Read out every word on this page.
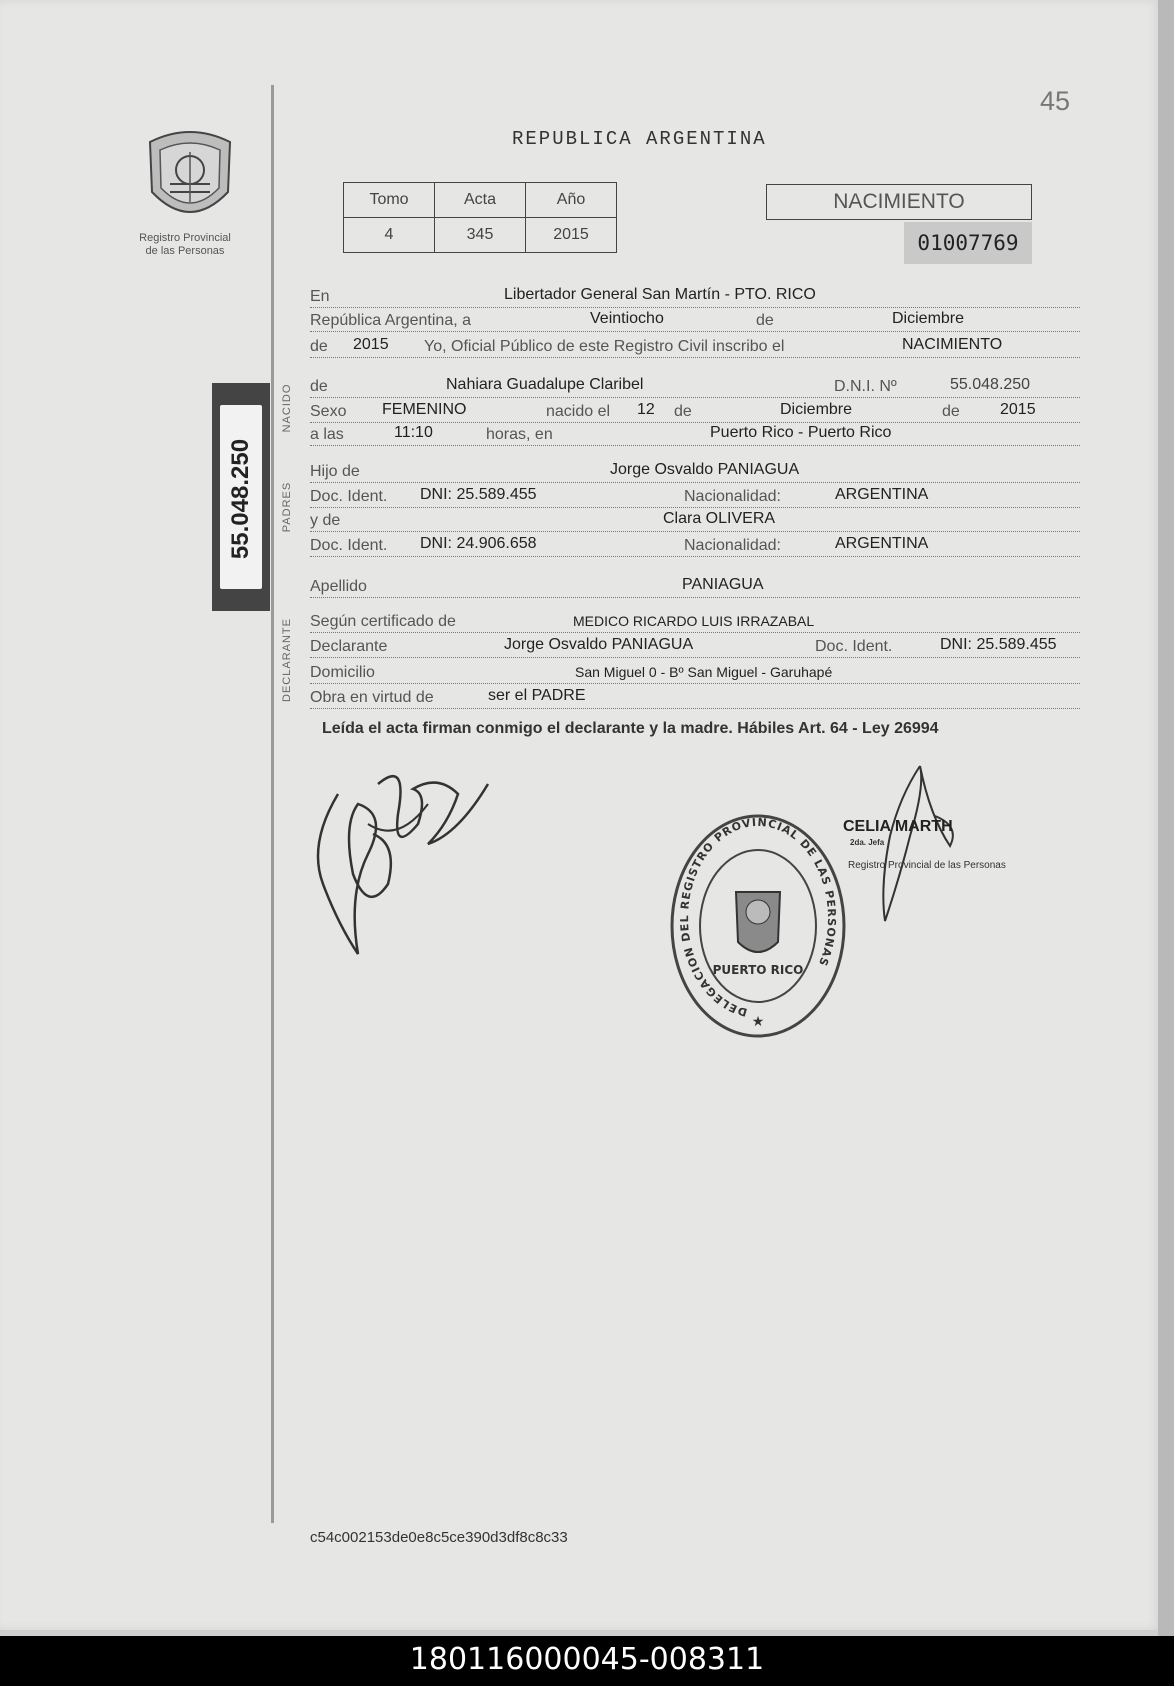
45
Registro Provincial
de las Personas
REPUBLICA ARGENTINA
Tomo	Acta	Año
4	345	2015
NACIMIENTO
01007769
55.048.250
NACIDO
PADRES
DECLARANTE
En	Libertador General San Martín - PTO. RICO
República Argentina, a	Veintiocho	de	Diciembre
de 2015 Yo, Oficial Público de este Registro Civil inscribo el	NACIMIENTO
de	Nahiara Guadalupe Claribel	D.N.I. Nº	55.048.250
Sexo FEMENINO	nacido el 12 de	Diciembre	de	2015
a las	11:10	horas, en	Puerto Rico - Puerto Rico
Hijo de	Jorge Osvaldo PANIAGUA
Doc. Ident. DNI: 25.589.455	Nacionalidad:	ARGENTINA
y de	Clara OLIVERA
Doc. Ident. DNI: 24.906.658	Nacionalidad:	ARGENTINA
Apellido	PANIAGUA
Según certificado de	MEDICO RICARDO LUIS IRRAZABAL
Declarante	Jorge Osvaldo PANIAGUA	Doc. Ident.	DNI: 25.589.455
Domicilio	San Miguel 0 - Bº San Miguel - Garuhapé
Obra en virtud de	ser el PADRE
Leída el acta firman conmigo el declarante y la madre. Hábiles Art. 64 - Ley 26994
DELEGACION DEL REGISTRO PROVINCIAL DE LAS PERSONAS
PUERTO RICO
★
CELIA MARTH
2da. Jefa
Registro Provincial de las Personas
c54c002153de0e8c5ce390d3df8c8c33
180116000045-008311
